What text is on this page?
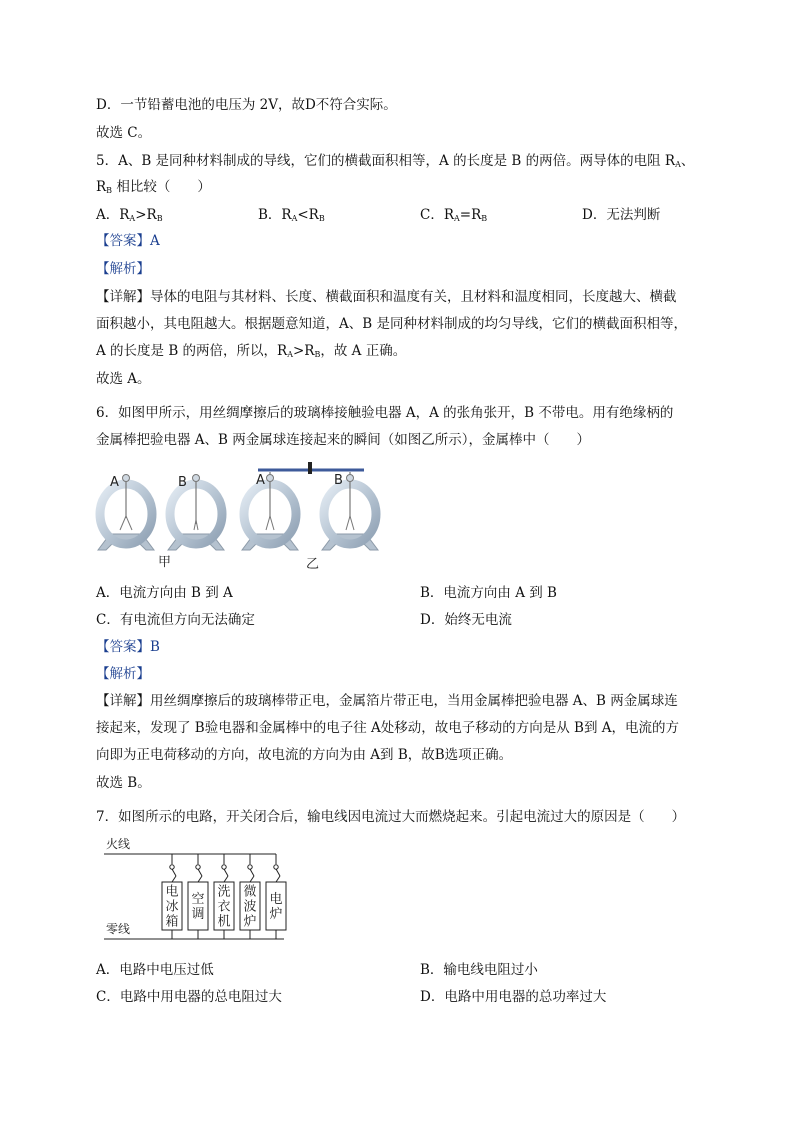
D．一节铅蓄电池的电压为 2V，故D不符合实际。
故选 C。
5．A、B 是同种材料制成的导线，它们的横截面积相等，A 的长度是 B 的两倍。两导体的电阻 $R_A$、
$R_B$ 相比较（　　）
A．$R_A>R_B$	B．$R_A<R_B$	C．$R_A=R_B$	D．无法判断
【答案】A
【解析】
【详解】导体的电阻与其材料、长度、横截面积和温度有关，且材料和温度相同，长度越大、横截
面积越小，其电阻越大。根据题意知道，A、B 是同种材料制成的均匀导线，它们的横截面积相等，
A 的长度是 B 的两倍，所以，$R_A>R_B$，故 A 正确。
故选 A。
6．如图甲所示，用丝绸摩擦后的玻璃棒接触验电器 A，A 的张角张开，B 不带电。用有绝缘柄的
金属棒把验电器 A、B 两金属球连接起来的瞬间（如图乙所示），金属棒中（　　）
A	B
甲
A	B
乙
A．电流方向由 B 到 A	B．电流方向由 A 到 B
C．有电流但方向无法确定	D．始终无电流
【答案】B
【解析】
【详解】用丝绸摩擦后的玻璃棒带正电，金属箔片带正电，当用金属棒把验电器 A、B 两金属球连
接起来，发现了 B验电器和金属棒中的电子往 A处移动，故电子移动的方向是从 B到 A，电流的方
向即为正电荷移动的方向，故电流的方向为由 A到 B，故B选项正确。
故选 B。
7．如图所示的电路，开关闭合后，输电线因电流过大而燃烧起来。引起电流过大的原因是（　　）
火线
零线
电
冰
箱
空
调
洗
衣
机
微
波
炉
电
炉
A．电路中电压过低	B．输电线电阻过小
C．电路中用电器的总电阻过大	D．电路中用电器的总功率过大
